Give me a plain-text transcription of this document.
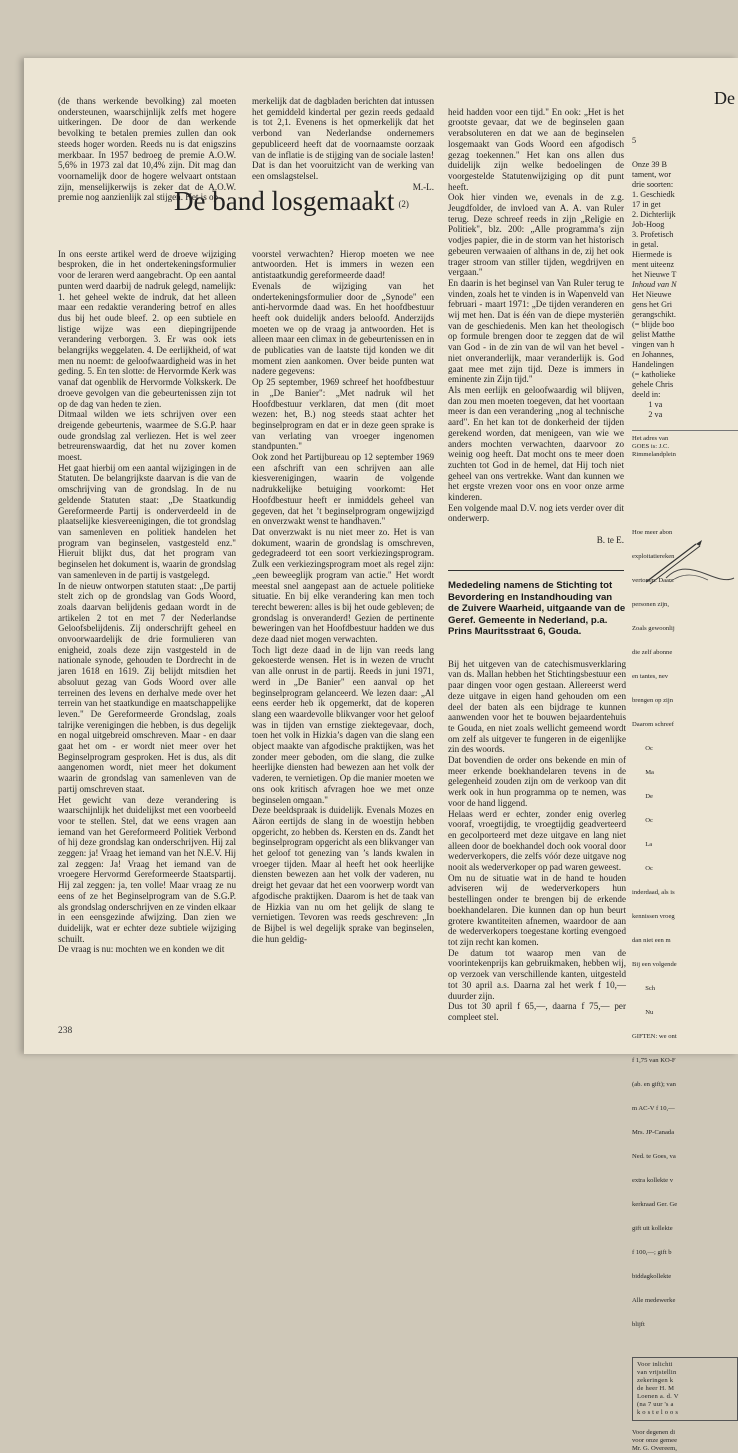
(de thans werkende bevolking) zal moeten ondersteunen, waarschijnlijk zelfs met hogere uitkeringen. De door de dan werkende bevolking te betalen premies zullen dan ook steeds hoger worden. Reeds nu is dat enigszins merkbaar. In 1957 bedroeg de premie A.O.W. 5,6% in 1973 zal dat 10,4% zijn. Dit mag dan voornamelijk door de hogere welvaart ontstaan zijn, menselijkerwijs is zeker dat de A.O.W. premie nog aanzienlijk zal stijgen. Het is op-

merkelijk dat de dagbladen berichten dat intussen het gemiddeld kindertal per gezin reeds gedaald is tot 2,1. Evenens is het opmerkelijk dat het verbond van Nederlandse ondernemers gepubliceerd heeft dat de voornaamste oorzaak van de inflatie is de stijging van de sociale lasten! Dat is dan het vooruitzicht van de werking van een omslagstelsel.

M.-L.

heid hadden voor een tijd." En ook: „Het is het grootste gevaar, dat we de beginselen gaan verabsoluteren en dat we aan de beginselen losgemaakt van Gods Woord een afgodisch gezag toekennen." Het kan ons allen dus duidelijk zijn welke bedoelingen de voorgestelde Statutenwijziging op dit punt heeft.
Ook hier vinden we, evenals in de z.g. Jeugdfolder, de invloed van A. A. van Ruler terug. Deze schreef reeds in zijn „Religie en Politiek", blz. 200: „Alle programma’s zijn vodjes papier, die in de storm van het historisch gebeuren verwaaien of althans in de, zij het ook trager stroom van stiller tijden, wegdrijven en vergaan."
En daarin is het beginsel van Van Ruler terug te vinden, zoals het te vinden is in Wapenveld van februari - maart 1971: „De tijden veranderen en wij met hen. Dat is één van de diepe mysteriën van de geschiedenis. Men kan het theologisch op formule brengen door te zeggen dat de wil van God - in de zin van de wil van het bevel - niet onveranderlijk, maar veranderlijk is. God gaat mee met zijn tijd. Deze is immers in eminente zin Zijn tijd."
Als men eerlijk en geloofwaardig wil blijven, dan zou men moeten toegeven, dat het voortaan meer is dan een verandering „nog al technische aard". En het kan tot de donkerheid der tijden gerekend worden, dat menigeen, van wie we anders mochten verwachten, daarvoor zo weinig oog heeft. Dat mocht ons te meer doen zuchten tot God in de hemel, dat Hij toch niet geheel van ons vertrekke. Want dan kunnen we het ergste vrezen voor ons en voor onze arme kinderen.
Een volgende maal D.V. nog iets verder over dit onderwerp.

B. te E.

De band losgemaakt (2)

In ons eerste artikel werd de droeve wijziging besproken, die in het ondertekeningsformulier voor de leraren werd aangebracht. Op een aantal punten werd daarbij de nadruk gelegd, namelijk: 1. het geheel wekte de indruk, dat het alleen maar een redaktie verandering betrof en alles dus bij het oude bleef. 2. op een subtiele en listige wijze was een diepingrijpende verandering verborgen. 3. Er was ook iets belangrijks weggelaten. 4. De eerlijkheid, of wat men nu noemt: de geloofwaardigheid was in het geding. 5. En ten slotte: de Hervormde Kerk was vanaf dat ogenblik de Hervormde Volkskerk. De droeve gevolgen van die gebeurtenissen zijn tot op de dag van heden te zien.
Ditmaal wilden we iets schrijven over een dreigende gebeurtenis, waarmee de S.G.P. haar oude grondslag zal verliezen. Het is wel zeer betreurenswaardig, dat het nu zover komen moest.
Het gaat hierbij om een aantal wijzigingen in de Statuten. De belangrijkste daarvan is die van de omschrijving van de grondslag. In de nu geldende Statuten staat: „De Staatkundig Gereformeerde Partij is onderverdeeld in de plaatselijke kiesvereenigingen, die tot grondslag van samenleven en politiek handelen het program van beginselen, vastgesteld enz." Hieruit blijkt dus, dat het program van beginselen het dokument is, waarin de grondslag van samenleven in de partij is vastgelegd.
In de nieuw ontworpen statuten staat: „De partij stelt zich op de grondslag van Gods Woord, zoals daarvan belijdenis gedaan wordt in de artikelen 2 tot en met 7 der Nederlandse Geloofsbelijdenis. Zij onderschrijft geheel en onvoorwaardelijk de drie formulieren van enigheid, zoals deze zijn vastgesteld in de nationale synode, gehouden te Dordrecht in de jaren 1618 en 1619. Zij belijdt mitsdien het absoluut gezag van Gods Woord over alle terreinen des levens en derhalve mede over het terrein van het staatkundige en maatschappelijke leven." De Gereformeerde Grondslag, zoals talrijke verenigingen die hebben, is dus degelijk en nogal uitgebreid omschreven. Maar - en daar gaat het om - er wordt niet meer over het Beginselprogram gesproken. Het is dus, als dit aangenomen wordt, niet meer het dokument waarin de grondslag van samenleven van de partij omschreven staat.
Het gewicht van deze verandering is waarschijnlijk het duidelijkst met een voorbeeld voor te stellen. Stel, dat we eens vragen aan iemand van het Gereformeerd Politiek Verbond of hij deze grondslag kan onderschrijven. Hij zal zeggen: ja! Vraag het iemand van het N.E.V. Hij zal zeggen: Ja! Vraag het iemand van de vroegere Hervormd Gereformeerde Staatspartij. Hij zal zeggen: ja, ten volle! Maar vraag ze nu eens of ze het Beginselprogram van de S.G.P. als grondslag onderschrijven en ze vinden elkaar in een eensgezinde afwijzing. Dan zien we duidelijk, wat er echter deze subtiele wijziging schuilt.
De vraag is nu: mochten we en konden we dit

voorstel verwachten? Hierop moeten we nee antwoorden. Het is immers in wezen een antistaatkundig gereformeerde daad!
Evenals de wijziging van het ondertekeningsformulier door de „Synode" een anti-hervormde daad was. En het hoofdbestuur heeft ook duidelijk anders beloofd. Anderzijds moeten we op de vraag ja antwoorden. Het is alleen maar een climax in de gebeurtenissen en in de publicaties van de laatste tijd konden we dit moment zien aankomen. Over beide punten wat nadere gegevens:
Op 25 september, 1969 schreef het hoofdbestuur in „De Banier": „Met nadruk wil het Hoofdbestuur verklaren, dat men (dit moet wezen: het, B.) nog steeds staat achter het beginselprogram en dat er in deze geen sprake is van verlating van vroeger ingenomen standpunten."
Ook zond het Partijbureau op 12 september 1969 een afschrift van een schrijven aan alle kiesverenigingen, waarin de volgende nadrukkelijke betuiging voorkomt: Het Hoofdbestuur heeft er inmiddels geheel van gegeven, dat het ’t beginselprogram ongewijzigd en onverzwakt wenst te handhaven."
Dat onverzwakt is nu niet meer zo. Het is van dokument, waarin de grondslag is omschreven, gedegradeerd tot een soort verkiezingsprogram. Zulk een verkiezingsprogram moet als regel zijn: „een beweeglijk program van actie." Het wordt meestal snel aangepast aan de actuele politieke situatie. En bij elke verandering kan men toch terecht beweren: alles is bij het oude gebleven; de grondslag is onveranderd! Gezien de pertinente beweringen van het Hoofdbestuur hadden we dus deze daad niet mogen verwachten.
Toch ligt deze daad in de lijn van reeds lang gekoesterde wensen. Het is in wezen de vrucht van alle onrust in de partij. Reeds in juni 1971, werd in „De Banier" een aanval op het beginselprogram gelanceerd. We lezen daar: „Al eens eerder heb ik opgemerkt, dat de koperen slang een waardevolle blikvanger voor het geloof was in tijden van ernstige ziektegevaar, doch, toen het volk in Hizkia’s dagen van die slang een object maakte van afgodische praktijken, was het zonder meer geboden, om die slang, die zulke heerlijke diensten had bewezen aan het volk der vaderen, te vernietigen. Op die manier moeten we ons ook kritisch afvragen hoe we met onze beginselen omgaan."
Deze beeldspraak is duidelijk. Evenals Mozes en Aäron eertijds de slang in de woestijn hebben opgericht, zo hebben ds. Kersten en ds. Zandt het beginselprogram opgericht als een blikvanger van het geloof tot genezing van ’s lands kwalen in vroeger tijden. Maar al heeft het ook heerlijke diensten bewezen aan het volk der vaderen, nu dreigt het gevaar dat het een voorwerp wordt van afgodische praktijken. Daarom is het de taak van de Hizkia van nu om het gelijk de slang te vernietigen. Tevoren was reeds geschreven: „In de Bijbel is wel degelijk sprake van beginselen, die hun geldig-

Mededeling namens de Stichting tot Bevordering en Instandhouding van de Zuivere Waarheid, uitgaande van de Geref. Gemeente in Nederland, p.a. Prins Mauritsstraat 6, Gouda.

Bij het uitgeven van de catechismusverklaring van ds. Mallan hebben het Stichtingsbestuur een paar dingen voor ogen gestaan. Allereerst werd deze uitgave in eigen hand gehouden om een deel der baten als een bijdrage te kunnen aanwenden voor het te bouwen bejaardentehuis te Gouda, en niet zoals wellicht gemeend wordt om zelf als uitgever te fungeren in de eigenlijke zin des woords.
Dat bovendien de order ons bekende en min of meer erkende boekhandelaren tevens in de gelegenheid zouden zijn om de verkoop van dit werk ook in hun programma op te nemen, was voor de hand liggend.
Helaas werd er echter, zonder enig overleg vooraf, vroegtijdig, te vroegtijdig geadverteerd en gecolporteerd met deze uitgave en lang niet alleen door de boekhandel doch ook vooral door wederverkopers, die zelfs vóór deze uitgave nog nooit als wederverkoper op pad waren geweest.
Om nu de situatie wat in de hand te houden adviseren wij de wederverkopers hun bestellingen onder te brengen bij de erkende boekhandelaren. Die kunnen dan op hun beurt grotere kwantiteiten afnemen, waardoor de aan de wederverkopers toegestane korting evengoed tot zijn recht kan komen.
De datum tot waarop men van de voorintekenprijs kan gebruikmaken, hebben wij, op verzoek van verschillende kanten, uitgesteld tot 30 april a.s. Daarna zal het werk f 10,— duurder zijn.
Dus tot 30 april f 65,—, daarna f 75,— per compleet stel.

238
De
5
Onze 39 B
tament, wor
drie soorten:
1. Geschiedk
17 in get
2. Dichterlijk
Job-Hoog
3. Profetisch
in getal.
Hiermede is
ment uiteenz
het Nieuwe T
Inhoud van N
Het Nieuwe
gens het Gri
gerangschikt.
(= blijde boo
gelist Matthe
vingen van h
en Johannes,
Handelingen
(= katholieke
gehele Chris
deeld in:
1 va
2 va
Het adres van
GOES is: J.C.
Rimmelandplein

Hoe meer abon

exploitatiereken

vertonen. Daarc

personen zijn,

Zoals gewoonlij

die zelf abonne

en tantes, nev

brengen op zijn

Daarom schreef

Oc

Ma

De

Oc

La

Oc

inderdaad, als is

kennissen vroeg

dan niet een m

Bij een volgende

Sch

Nu

GIFTEN: we ont

f 1,75 van KO-F

(ab. en gift); van

m AC-V f 10,—

Mrs. JP-Canada

Ned. te Goes, va

extra kollekte v

kerkraad Ger. Ge

gift uit kollekte

f 100,—; gift b

biddagkollekte

Alle medewerke

blijft

Voor inlichti
van vrijstellin
zekeringen k
de heer H. M
Loenen a. d. V
(na 7 uur 's a
kosteloos
Voor degenen di
voor onze gemee
Mr. G. Overeem,
